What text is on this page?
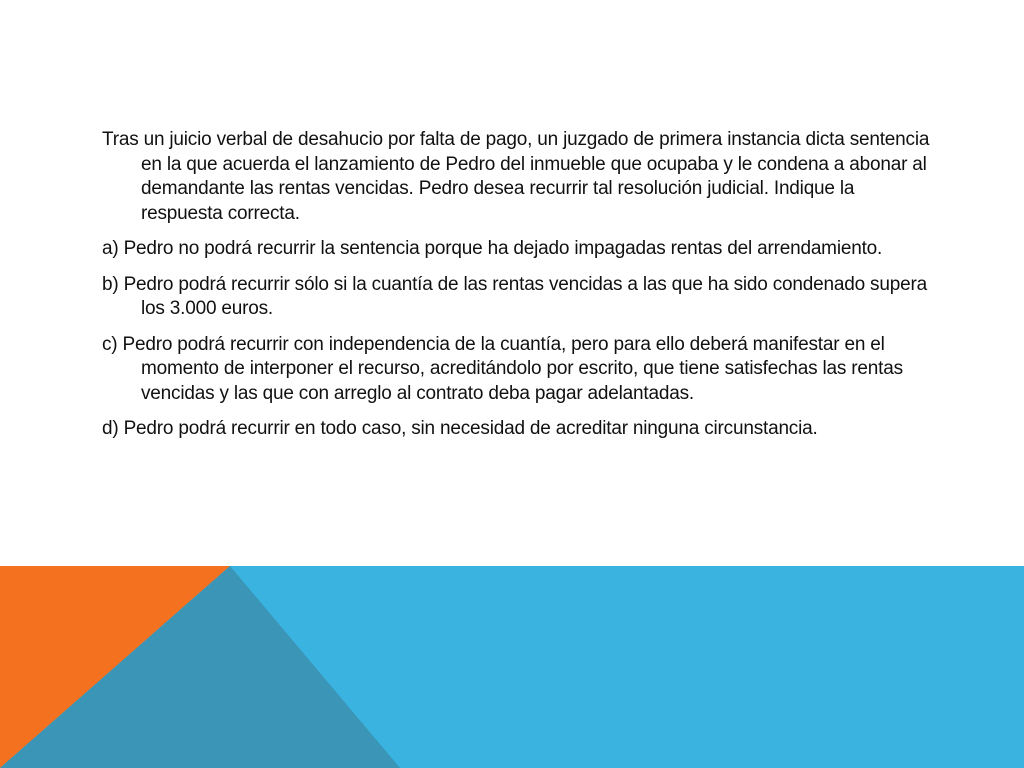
Tras un juicio verbal de desahucio por falta de pago, un juzgado de primera instancia dicta sentencia en la que acuerda el lanzamiento de Pedro del inmueble que ocupaba y le condena a abonar al demandante las rentas vencidas. Pedro desea recurrir tal resolución judicial. Indique la respuesta correcta.

a) Pedro no podrá recurrir la sentencia porque ha dejado impagadas rentas del arrendamiento.

b) Pedro podrá recurrir sólo si la cuantía de las rentas vencidas a las que ha sido condenado supera los 3.000 euros.

c) Pedro podrá recurrir con independencia de la cuantía, pero para ello deberá manifestar en el momento de interponer el recurso, acreditándolo por escrito, que tiene satisfechas las rentas vencidas y las que con arreglo al contrato deba pagar adelantadas.

d) Pedro podrá recurrir en todo caso, sin necesidad de acreditar ninguna circunstancia.
